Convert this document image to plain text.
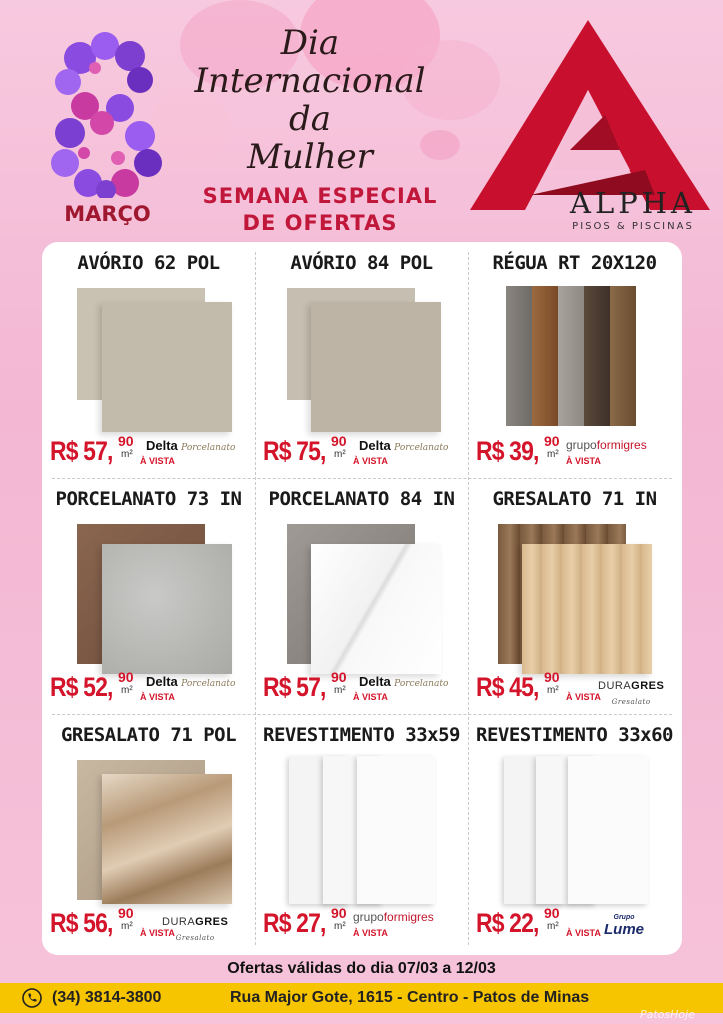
MARÇO
Dia
Internacional
da
Mulher
SEMANA ESPECIAL
DE OFERTAS
ALPHA
PISOS & PISCINAS
AVÓRIO 62 POL
R$ 57, 90
m²
À VISTA
Delta Porcelanato
AVÓRIO 84 POL
R$ 75, 90
m²
À VISTA
Delta Porcelanato
RÉGUA RT 20X120
R$ 39, 90
m²
À VISTA
grupoformigres
PORCELANATO 73 IN
R$ 52, 90
m²
À VISTA
Delta Porcelanato
PORCELANATO 84 IN
R$ 57, 90
m²
À VISTA
Delta Porcelanato
GRESALATO 71 IN
R$ 45, 90
m²
À VISTA
DURAGRES
Gresalato
GRESALATO 71 POL
R$ 56, 90
m²
À VISTA
DURAGRES
Gresalato
REVESTIMENTO 33x59
R$ 27, 90
m²
À VISTA
grupoformigres
REVESTIMENTO 33x60
R$ 22, 90
m²
À VISTA
Grupo
Lume
Ofertas válidas do dia 07/03 a 12/03
(34) 3814-3800	Rua Major Gote, 1615 - Centro - Patos de Minas
PatosHoje
